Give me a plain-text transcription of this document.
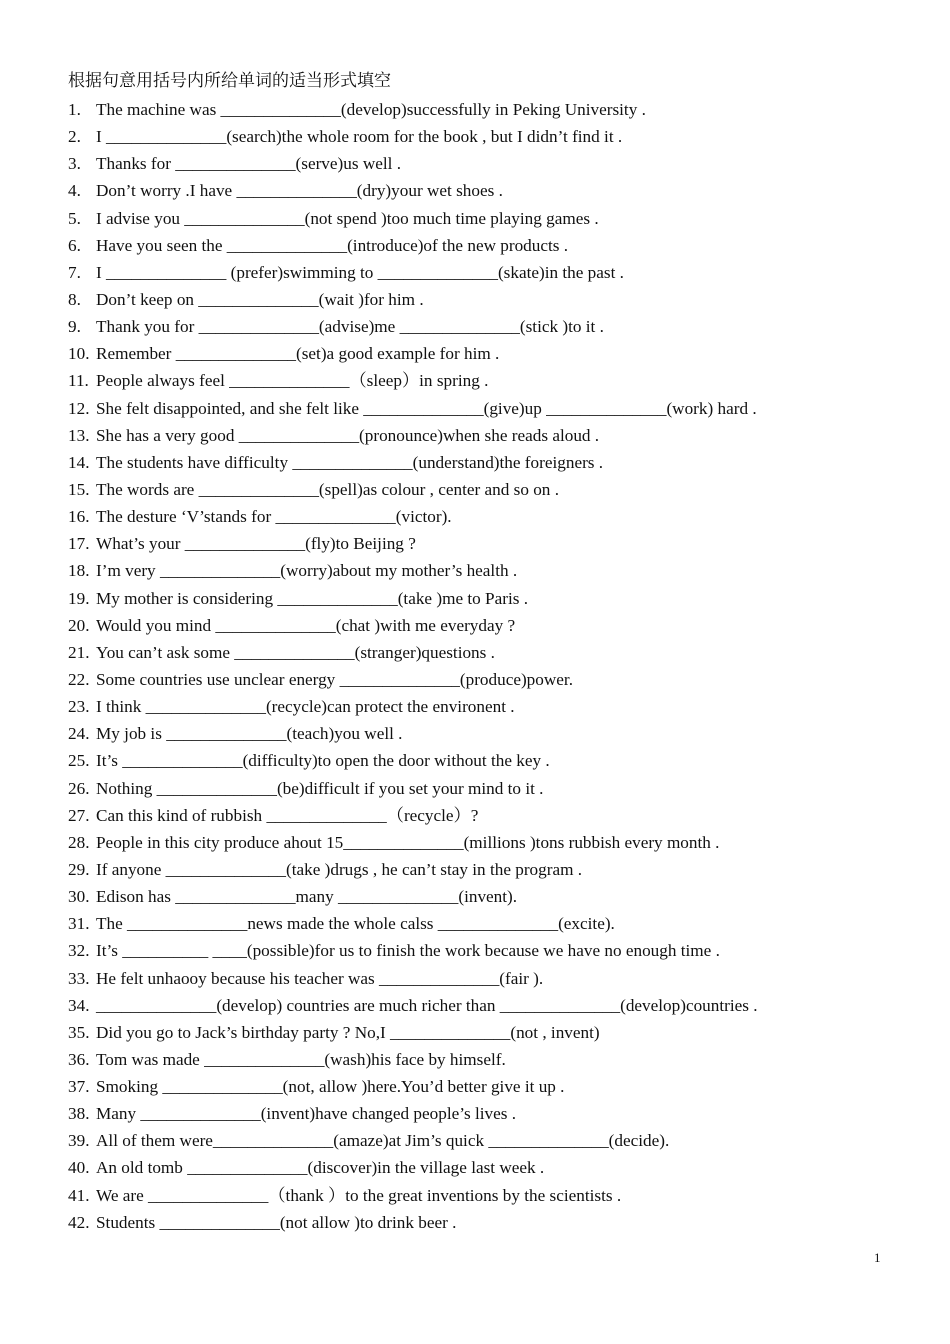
根据句意用括号内所给单词的适当形式填空
1. The machine was ______________(develop)successfully in Peking University .
2. I ______________(search)the whole room for the book , but I didn’t find it .
3. Thanks for ______________(serve)us well .
4. Don’t worry .I have ______________(dry)your wet shoes .
5. I advise you ______________(not spend )too much time playing games .
6. Have you seen the ______________(introduce)of the new products .
7. I ______________ (prefer)swimming to ______________(skate)in the past .
8. Don’t keep on ______________(wait )for him .
9. Thank you for ______________(advise)me ______________(stick )to it .
10. Remember ______________(set)a good example for him .
11. People always feel ______________（sleep）in spring .
12. She felt disappointed, and she felt like ______________(give)up ______________(work) hard .
13. She has a very good ______________(pronounce)when she reads aloud .
14. The students have difficulty ______________(understand)the foreigners .
15. The words are ______________(spell)as colour , center and so on .
16. The desture ‘V’stands for ______________(victor).
17. What’s your ______________(fly)to Beijing ?
18. I’m very ______________(worry)about my mother’s health .
19. My mother is considering ______________(take )me to Paris .
20. Would you mind ______________(chat )with me everyday ?
21. You can’t ask some ______________(stranger)questions .
22. Some countries use unclear energy ______________(produce)power.
23. I think ______________(recycle)can protect the environent .
24. My job is ______________(teach)you well .
25. It’s ______________(difficulty)to open the door without the key .
26. Nothing ______________(be)difficult if you set your mind to it .
27. Can this kind of rubbish ______________（recycle）?
28. People in this city produce ahout 15______________(millions )tons rubbish every month .
29. If anyone ______________(take )drugs , he can’t stay in the program .
30. Edison has ______________many ______________(invent).
31. The ______________news made the whole calss ______________(excite).
32. It’s __________ ____(possible)for us to finish the work because we have no enough time .
33. He felt unhaooy because his teacher was ______________(fair ).
34. ______________(develop) countries are much richer than ______________(develop)countries .
35. Did you go to Jack’s birthday party ? No,I ______________(not , invent)
36. Tom was made ______________(wash)his face by himself.
37. Smoking ______________(not, allow )here.You’d better give it up .
38. Many ______________(invent)have changed people’s lives .
39. All of them were______________(amaze)at Jim’s quick ______________(decide).
40. An old tomb ______________(discover)in the village last week .
41. We are ______________（thank ）to the great inventions by the scientists .
42. Students ______________(not allow )to drink beer .
1
